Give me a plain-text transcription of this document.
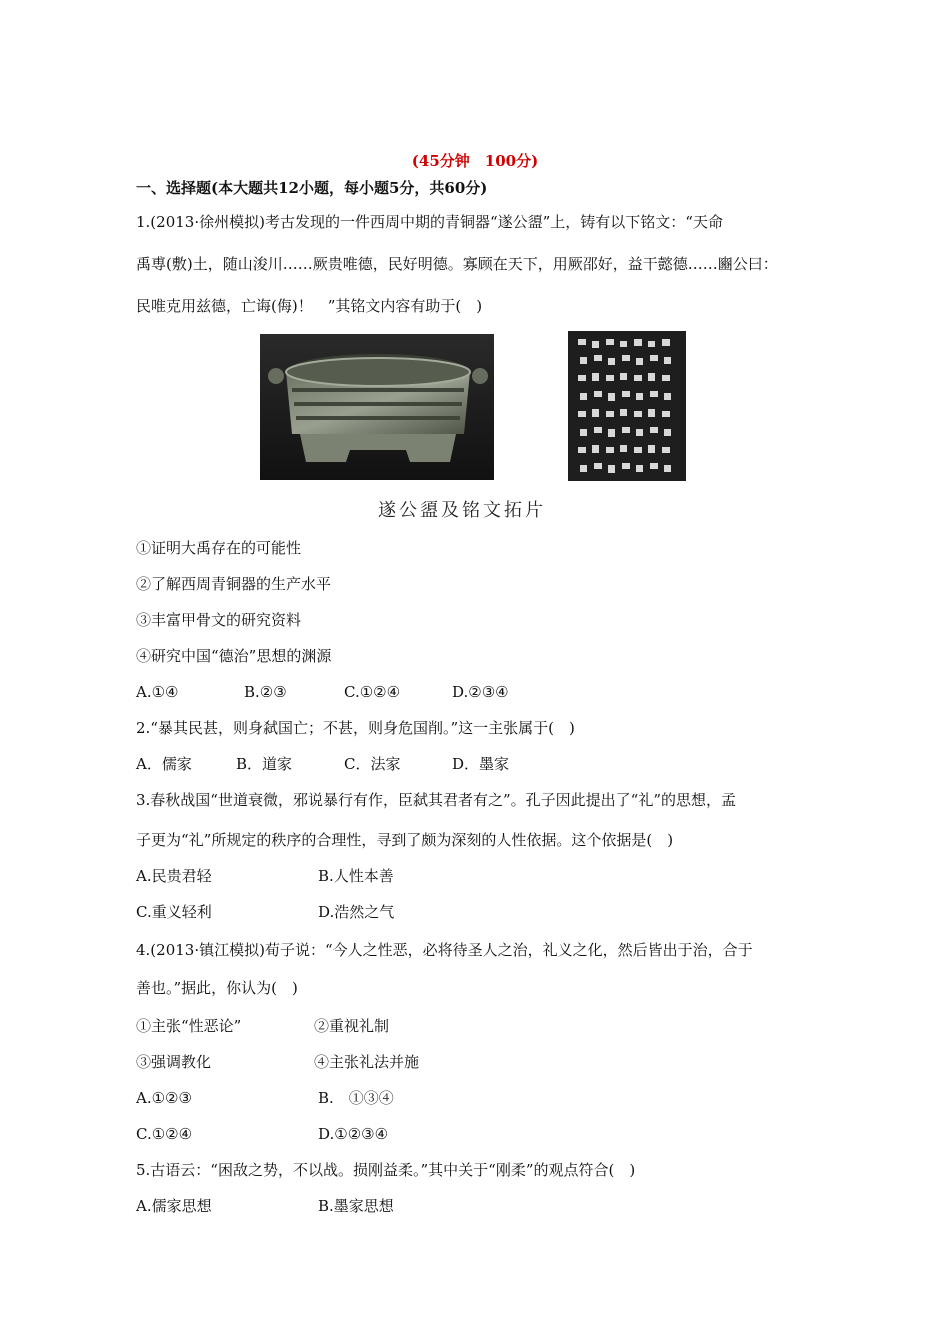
(45分钟　100分)
一、选择题(本大题共12小题，每小题5分，共60分)
1.(2013·徐州模拟)考古发现的一件西周中期的青铜器“遂公盨”上，铸有以下铭文：“天命
禹尃(敷)土，随山浚川……厥贵唯德，民好明德。寡顾在天下，用厥邵好，益干懿德……豳公曰：
民唯克用兹德，亡诲(侮)！　”其铭文内容有助于(　)
遂公盨及铭文拓片
①证明大禹存在的可能性
②了解西周青铜器的生产水平
③丰富甲骨文的研究资料
④研究中国“德治”思想的渊源
A.①④	B.②③	C.①②④	D.②③④
2.“暴其民甚，则身弑国亡；不甚，则身危国削。”这一主张属于(　)
A．儒家	B．道家	C．法家	D．墨家
3.春秋战国“世道衰微，邪说暴行有作，臣弑其君者有之”。孔子因此提出了“礼”的思想，孟
子更为“礼”所规定的秩序的合理性，寻到了颇为深刻的人性依据。这个依据是(　)
A.民贵君轻	B.人性本善
C.重义轻利	D.浩然之气
4.(2013·镇江模拟)荀子说：“今人之性恶，必将待圣人之治，礼义之化，然后皆出于治，合于
善也。”据此，你认为(　)
①主张“性恶论”	②重视礼制
③强调教化	④主张礼法并施
A.①②③	B.　①③④
C.①②④	D.①②③④
5.古语云：“困敌之势，不以战。损刚益柔。”其中关于“刚柔”的观点符合(　)
A.儒家思想	B.墨家思想
